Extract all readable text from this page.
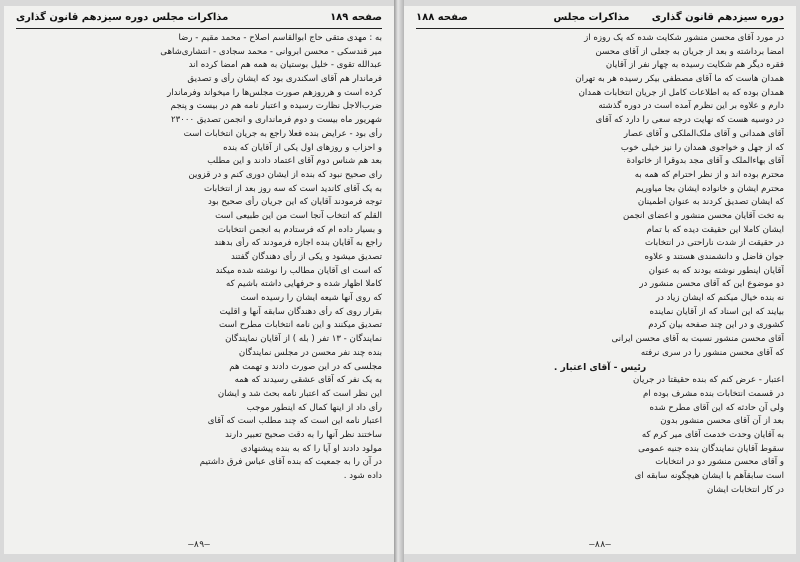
صفحه ۱۸۹
مذاکرات مجلس
دوره سیزدهم قانون گذاری
به : مهدی متقی حاج ابوالقاسم اصلاح - محمد مقیم - رضا
میر قندسکی - محسن ابروانی - محمد سجادی - انتشاری‌شاهی
عبدالله تقوی - خلیل بوستیان به همه هم امضا کرده اند
فرماندار هم آقای اسکندری بود که ایشان رأی و تصدیق
کرده است و هرروزهم صورت مجلس‌ها را میخواند وفرماندار
ضرب‌الاجل نظارت رسیده و اعتبار نامه هم در بیست و پنجم
شهریور ماه بیست و دوم فرمانداری و انجمن تصدیق ۲۳۰۰۰
رأی بود - عرایض بنده فعلا راجع به جریان انتخابات است
و احزاب و روزهای اول یکی از آقایان که بنده
بعد هم شناس دوم آقای اعتماد دادند و این مطلب
رای صحیح نبود که بنده از ایشان دوری کنم و در قزوین
به یک آقای کاندید است که سه روز بعد از انتخابات
توجه فرمودند آقایان که این جریان رأی صحیح بود
القلم که انتخاب آنجا است من این طبیعی است
و بسیار داده ام که فرستادم به انجمن انتخابات
راجع به آقایان بنده اجازه فرمودند که رأی بدهند
تصدیق میشود و یکی از رأی دهندگان گفتند
که است ای آقایان مطالب را نوشته شده میکند
کاملا اظهار شده و حرفهایی داشته باشیم که
که روی آنها شیعه ایشان را رسیده است
بقرار روی که رأی دهندگان سابقه آنها و اقلیت
تصدیق میکنند و این نامه انتخابات مطرح است
نمایندگان - ۱۳ تفر ( بله ) از آقایان نمایندگان
بنده چند نفر محسن در مجلس نمایندگان
مجلسی که در این صورت دادند و تهمت هم
به یک نفر که آقای عشقی رسیدند که همه
این نظر است که اعتبار نامه بحث شد و ایشان
رأی داد از اینها کمال که اینطور موجب
اعتبار نامه این است که چند مطلب است که آقای
ساختند نظر آنها را به دقت صحیح تعبیر دارند
مولود دادند او آیا را که به بنده پیشنهادی
در آن را به جمعیت که بنده آقای عباس فرق داشتیم
داده شود .
—۸۹—
دوره سیزدهم قانون گذاری
مذاکرات مجلس
صفحه ۱۸۸
در مورد آقای محسن منشور شکایت شده که یک روزه از
امضا برداشته و بعد از جریان به جعلی از آقای محسن
فقره دیگر هم شکایت رسیده به چهار نفر از آقایان
همدان هاست که ما آقای مصطفی بیکر رسیده هر به تهران
همدان بوده که به اطلاعات کامل از جریان انتخابات همدان
دارم و علاوه بر این نظرم آمده است در دوره گذشته
در دوسیه هست که نهایت درجه سعی را دارد که آقای
آقای همدانی و آقای ملک‌الملکی و آقای عصار
که از جهل و خواجوی همدان را نیز خیلی خوب
آقای بهاء‌الملک و آقای مجد بدوقرا از خاتوادة
محترم بوده اند و از نظر احترام که همه به
محترم ایشان و خانواده ایشان بجا میاوریم
که ایشان تصدیق کردند به عنوان اطمینان
به تخت آقایان محسن منشور و اعضای انجمن
ایشان کاملا این حقیقت دیده که با تمام
در حقیقت از شدت ناراحتی در انتخابات
جوان فاضل و دانشمندی هستند و علاوه
آقایان اینطور نوشته بودند که به عنوان
دو موضوع این که آقای محسن منشور در
نه بنده خیال میکنم که ایشان زیاد در
بیایند که این اسناد که از آقایان نماینده
کشوری و در این چند صفحه بیان کردم
آقای محسن منشور نسبت به آقای محسن ایرانی
که آقای محسن منشور را در سری نرفته
رئیس - آقای اعتبار .
اعتبار - عرض کنم که بنده حقیقتا در جریان
در قسمت انتخابات بنده مشرف بوده ام
ولی آن حادثه که این آقای مطرح شده
بعد از آن آقای محسن منشور بدون
به آقایان وحدت خدمت آقای میر کرم که
سقوط آقایان نمایندگان بنده جنبه عمومی
و آقای محسن منشور دو در انتخابات
است سابقاًهم با ایشان هیچگونه سابقه ای
در کار انتخابات ایشان
—۸۸—
